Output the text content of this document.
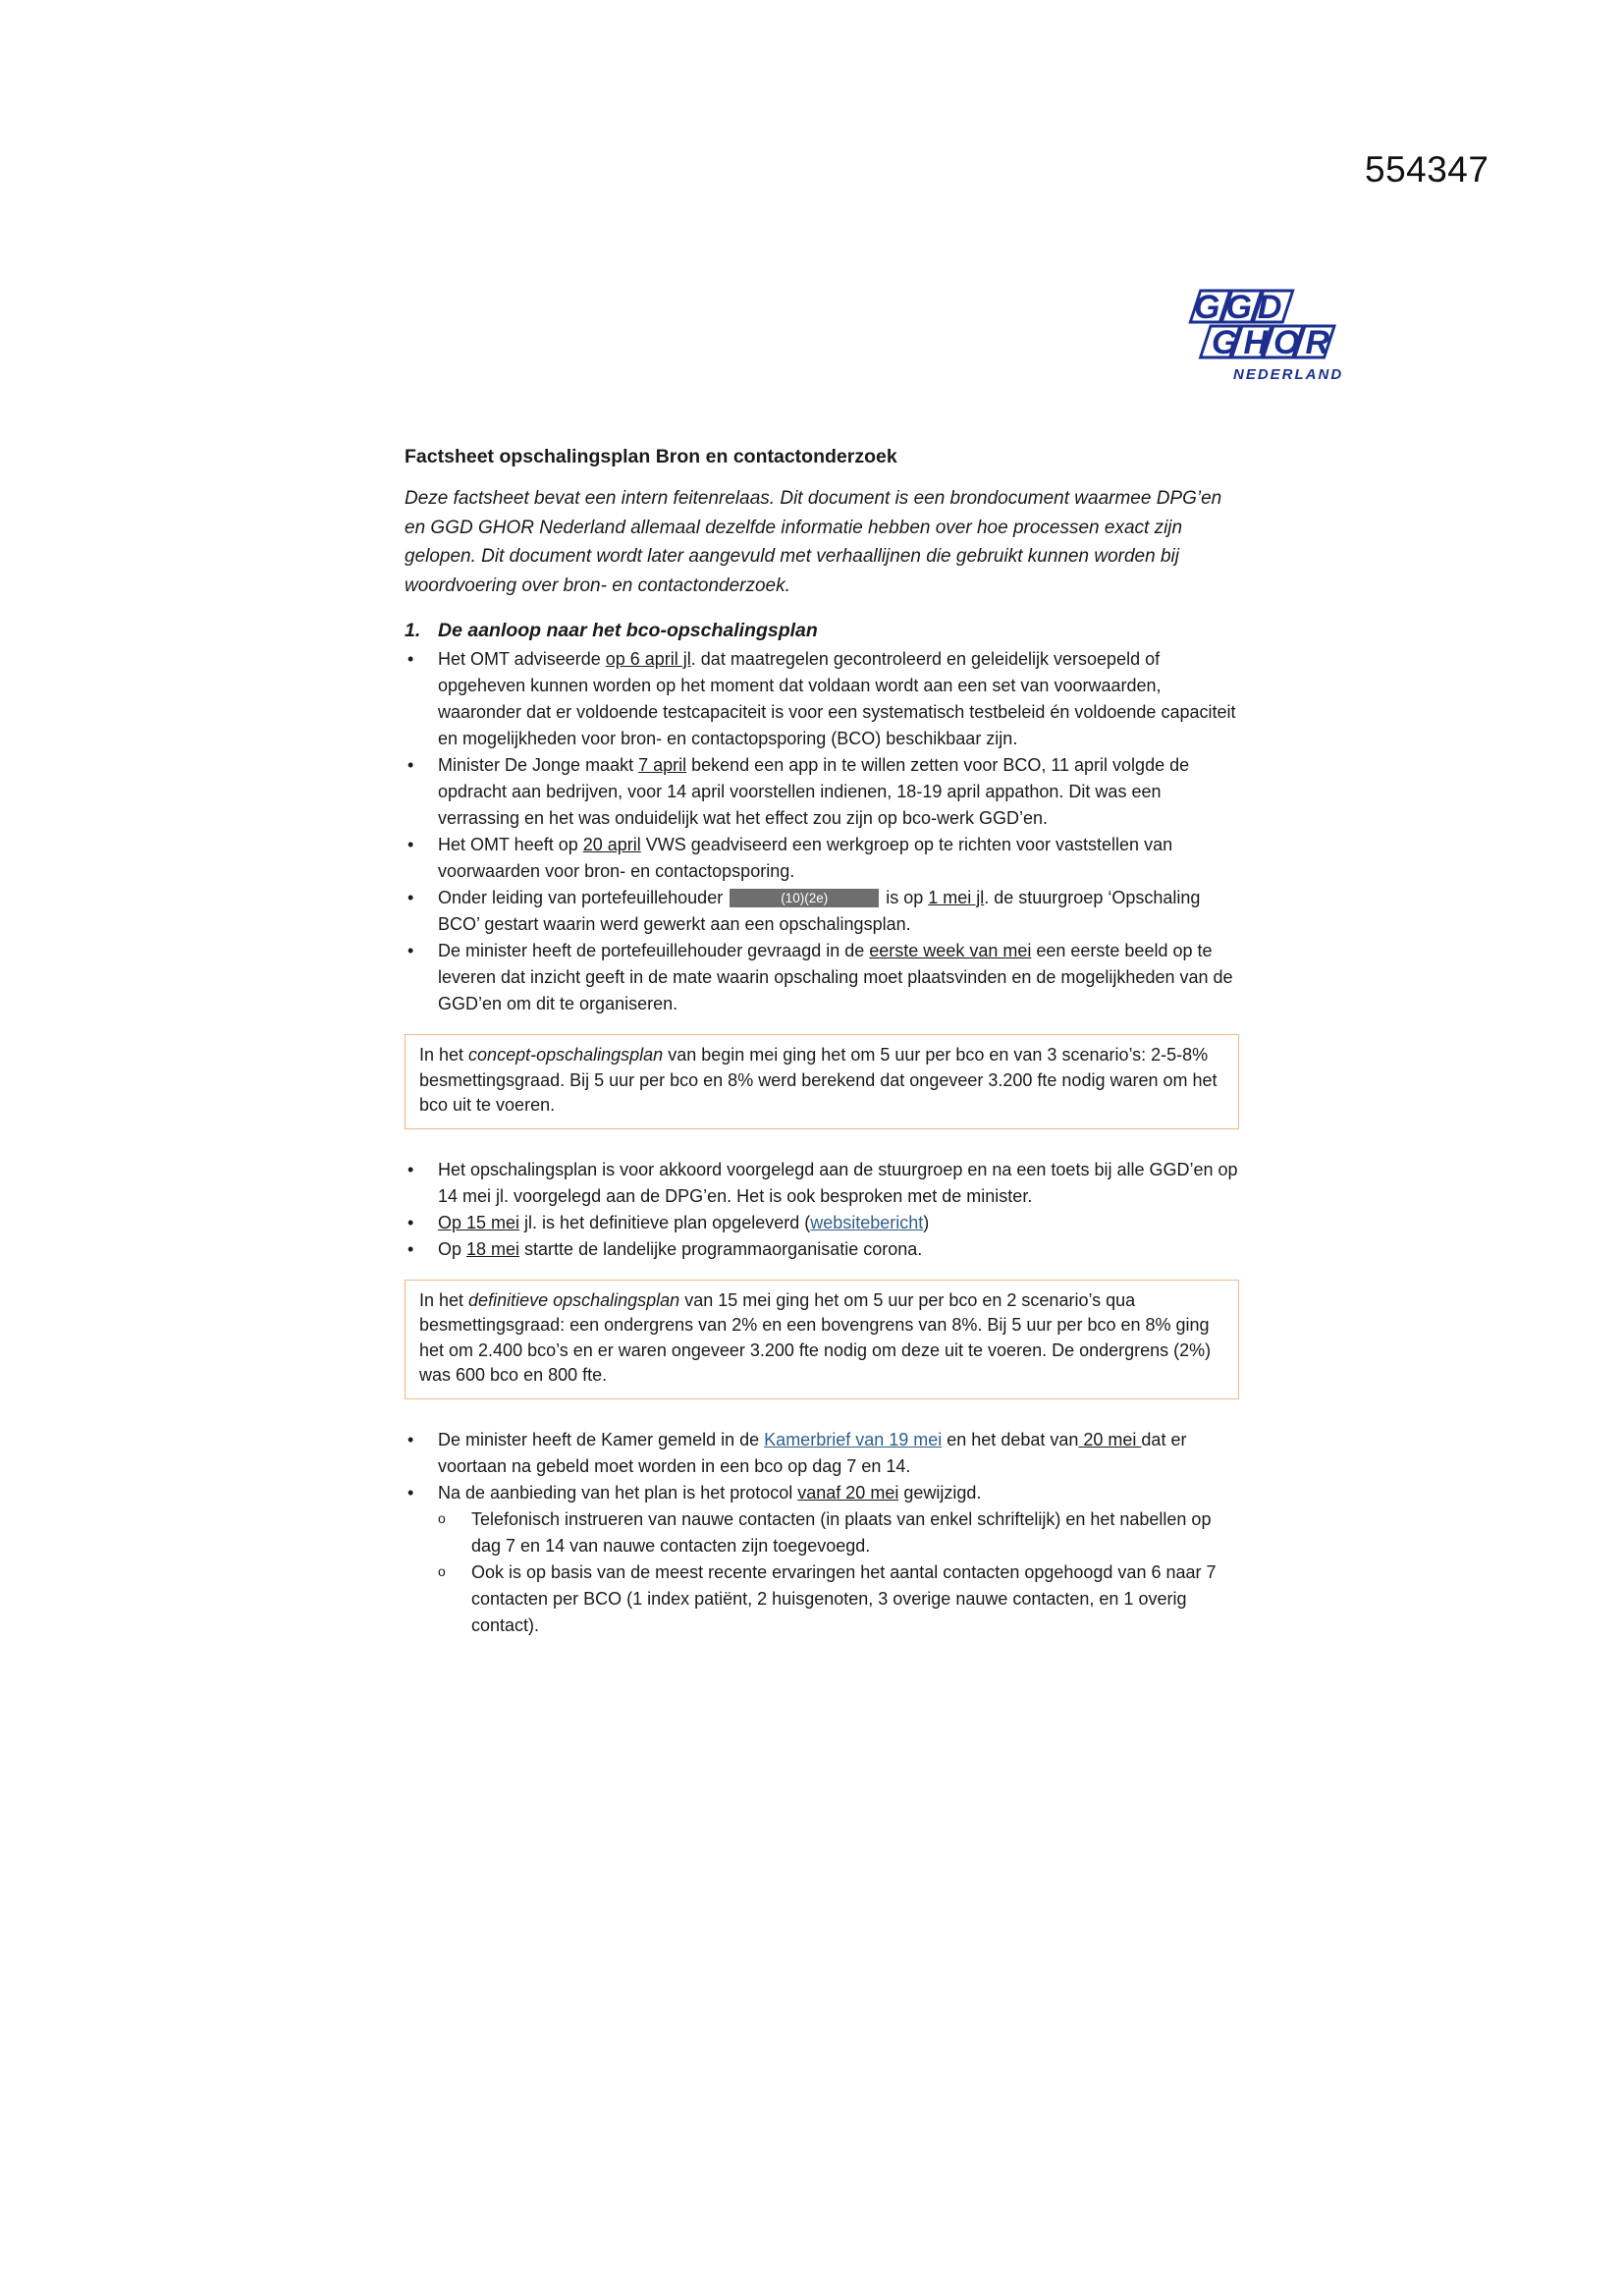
554347
GGD
GHOR
NEDERLAND

Factsheet opschalingsplan Bron en contactonderzoek

Deze factsheet bevat een intern feitenrelaas. Dit document is een brondocument waarmee DPG’en en GGD GHOR Nederland allemaal dezelfde informatie hebben over hoe processen exact zijn gelopen. Dit document wordt later aangevuld met verhaallijnen die gebruikt kunnen worden bij woordvoering over bron- en contactonderzoek.

1. De aanloop naar het bco-opschalingsplan
• Het OMT adviseerde op 6 april jl. dat maatregelen gecontroleerd en geleidelijk versoepeld of opgeheven kunnen worden op het moment dat voldaan wordt aan een set van voorwaarden, waaronder dat er voldoende testcapaciteit is voor een systematisch testbeleid én voldoende capaciteit en mogelijkheden voor bron- en contactopsporing (BCO) beschikbaar zijn.
• Minister De Jonge maakt 7 april bekend een app in te willen zetten voor BCO, 11 april volgde de opdracht aan bedrijven, voor 14 april voorstellen indienen, 18-19 april appathon. Dit was een verrassing en het was onduidelijk wat het effect zou zijn op bco-werk GGD’en.
• Het OMT heeft op 20 april VWS geadviseerd een werkgroep op te richten voor vaststellen van voorwaarden voor bron- en contactopsporing.
• Onder leiding van portefeuillehouder	(10)(2e)	is op 1 mei jl. de stuurgroep ‘Opschaling BCO’ gestart waarin werd gewerkt aan een opschalingsplan.
• De minister heeft de portefeuillehouder gevraagd in de eerste week van mei een eerste beeld op te leveren dat inzicht geeft in de mate waarin opschaling moet plaatsvinden en de mogelijkheden van de GGD’en om dit te organiseren.
In het concept-opschalingsplan van begin mei ging het om 5 uur per bco en van 3 scenario’s: 2-5-8% besmettingsgraad. Bij 5 uur per bco en 8% werd berekend dat ongeveer 3.200 fte nodig waren om het bco uit te voeren.
• Het opschalingsplan is voor akkoord voorgelegd aan de stuurgroep en na een toets bij alle GGD’en op 14 mei jl. voorgelegd aan de DPG’en. Het is ook besproken met de minister.
• Op 15 mei jl. is het definitieve plan opgeleverd (websitebericht)
• Op 18 mei startte de landelijke programmaorganisatie corona.
In het definitieve opschalingsplan van 15 mei ging het om 5 uur per bco en 2 scenario’s qua besmettingsgraad: een ondergrens van 2% en een bovengrens van 8%. Bij 5 uur per bco en 8% ging het om 2.400 bco’s en er waren ongeveer 3.200 fte nodig om deze uit te voeren. De ondergrens (2%) was 600 bco en 800 fte.
• De minister heeft de Kamer gemeld in de Kamerbrief van 19 mei en het debat van 20 mei dat er voortaan na gebeld moet worden in een bco op dag 7 en 14.
• Na de aanbieding van het plan is het protocol vanaf 20 mei gewijzigd.
o Telefonisch instrueren van nauwe contacten (in plaats van enkel schriftelijk) en het nabellen op dag 7 en 14 van nauwe contacten zijn toegevoegd.
o Ook is op basis van de meest recente ervaringen het aantal contacten opgehoogd van 6 naar 7 contacten per BCO (1 index patiënt, 2 huisgenoten, 3 overige nauwe contacten, en 1 overig contact).
